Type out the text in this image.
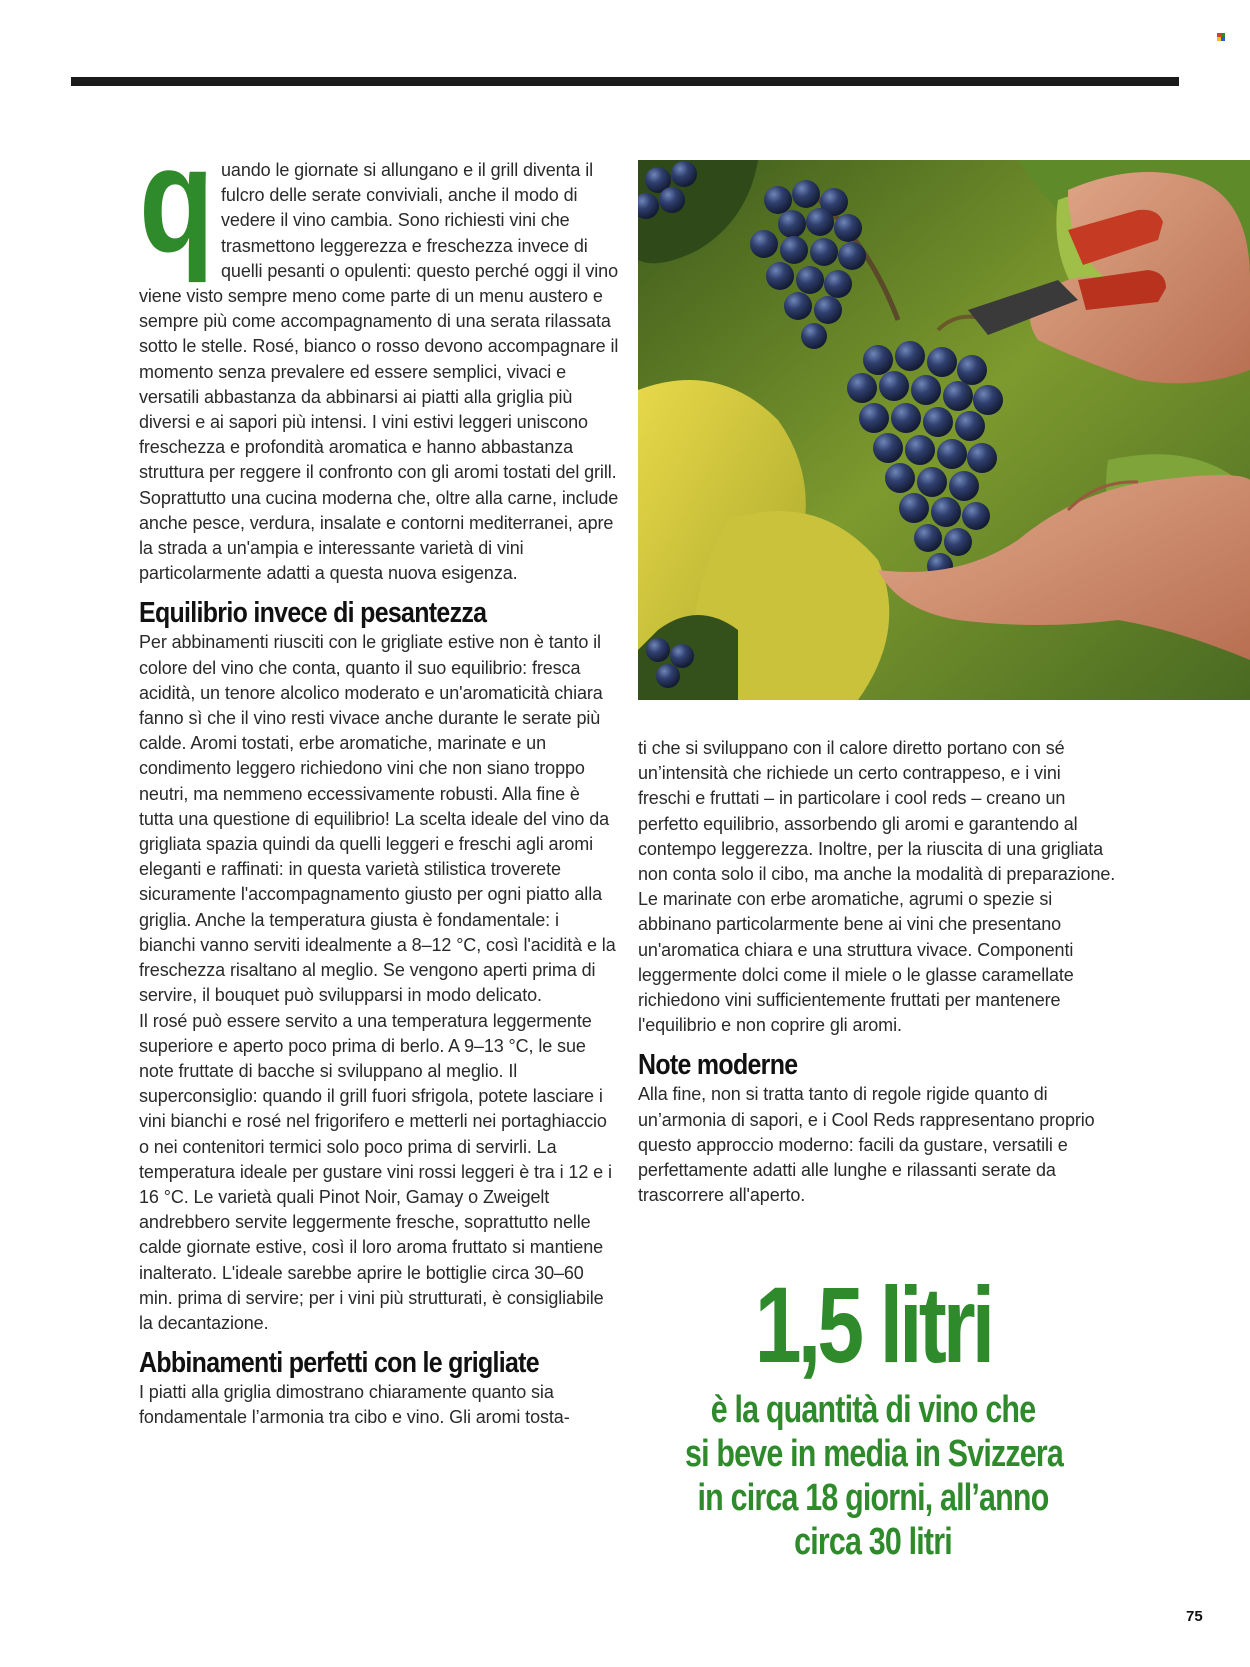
q uando le giornate si allungano e il grill diventa il fulcro delle serate conviviali, anche il modo di vedere il vino cambia. Sono richiesti vini che trasmettono leggerezza e freschezza invece di quelli pesanti o opulenti: questo perché oggi il vino viene visto sempre meno come parte di un menu austero e sempre più come accompagnamento di una serata rilassata sotto le stelle. Rosé, bianco o rosso devono accompagnare il momento senza prevalere ed essere semplici, vivaci e versatili abbastanza da abbinarsi ai piatti alla griglia più diversi e ai sapori più intensi. I vini estivi leggeri uniscono freschezza e profondità aromatica e hanno abbastanza struttura per reggere il confronto con gli aromi tostati del grill. Soprattutto una cucina moderna che, oltre alla carne, include anche pesce, verdura, insalate e contorni mediterranei, apre la strada a un'ampia e interessante varietà di vini particolarmente adatti a questa nuova esigenza.

Equilibrio invece di pesantezza

Per abbinamenti riusciti con le grigliate estive non è tanto il colore del vino che conta, quanto il suo equilibrio: fresca acidità, un tenore alcolico moderato e un'aromaticità chiara fanno sì che il vino resti vivace anche durante le serate più calde. Aromi tostati, erbe aromatiche, marinate e un condimento leggero richiedono vini che non siano troppo neutri, ma nemmeno eccessivamente robusti. Alla fine è tutta una questione di equilibrio! La scelta ideale del vino da grigliata spazia quindi da quelli leggeri e freschi agli aromi eleganti e raffinati: in questa varietà stilistica troverete sicuramente l'accompagnamento giusto per ogni piatto alla griglia. Anche la temperatura giusta è fondamentale: i bianchi vanno serviti idealmente a 8–12 °C, così l'acidità e la freschezza risaltano al meglio. Se vengono aperti prima di servire, il bouquet può svilupparsi in modo delicato.

Il rosé può essere servito a una temperatura leggermente superiore e aperto poco prima di berlo. A 9–13 °C, le sue note fruttate di bacche si sviluppano al meglio. Il superconsiglio: quando il grill fuori sfrigola, potete lasciare i vini bianchi e rosé nel frigorifero e metterli nei portaghiaccio o nei contenitori termici solo poco prima di servirli. La temperatura ideale per gustare vini rossi leggeri è tra i 12 e i 16 °C. Le varietà quali Pinot Noir, Gamay o Zweigelt andrebbero servite leggermente fresche, soprattutto nelle calde giornate estive, così il loro aroma fruttato si mantiene inalterato. L'ideale sarebbe aprire le bottiglie circa 30–60 min. prima di servire; per i vini più strutturati, è consigliabile la decantazione.

Abbinamenti perfetti con le grigliate

I piatti alla griglia dimostrano chiaramente quanto sia fondamentale l’armonia tra cibo e vino. Gli aromi tosta-

ti che si sviluppano con il calore diretto portano con sé un’intensità che richiede un certo contrappeso, e i vini freschi e fruttati – in particolare i cool reds – creano un perfetto equilibrio, assorbendo gli aromi e garantendo al contempo leggerezza. Inoltre, per la riuscita di una grigliata non conta solo il cibo, ma anche la modalità di preparazione. Le marinate con erbe aromatiche, agrumi o spezie si abbinano particolarmente bene ai vini che presentano un'aromatica chiara e una struttura vivace. Componenti leggermente dolci come il miele o le glasse caramellate richiedono vini sufficientemente fruttati per mantenere l'equilibrio e non coprire gli aromi.

Note moderne

Alla fine, non si tratta tanto di regole rigide quanto di un’armonia di sapori, e i Cool Reds rappresentano proprio questo approccio moderno: facili da gustare, versatili e perfettamente adatti alle lunghe e rilassanti serate da trascorrere all'aperto.

1,5 litri
è la quantità di vino che
si beve in media in Svizzera
in circa 18 giorni, all’anno
circa 30 litri
75
